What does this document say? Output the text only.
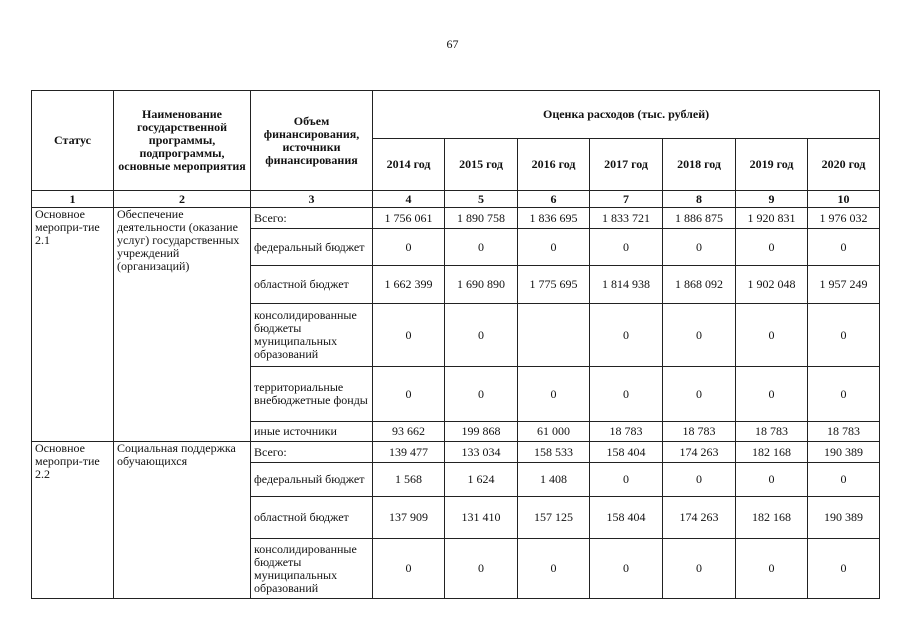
67
Статус	Наименование государственной программы, подпрограммы, основные мероприятия	Объем финансирования, источники финансирования	Оценка расходов (тыс. рублей)						
			2014 год	2015 год	2016 год	2017 год	2018 год	2019 год	2020 год
1	2	3	4	5	6	7	8	9	10
Основное меропри-тие 2.1	Обеспечение деятельности (оказание услуг) государственных учреждений (организаций)	Всего:	1 756 061	1 890 758	1 836 695	1 833 721	1 886 875	1 920 831	1 976 032
		федеральный бюджет	0	0	0	0	0	0	0
		областной бюджет	1 662 399	1 690 890	1 775 695	1 814 938	1 868 092	1 902 048	1 957 249
		консолидированные бюджеты муниципальных образований	0	0		0	0	0	0
		территориальные внебюджетные фонды	0	0	0	0	0	0	0
		иные источники	93 662	199 868	61 000	18 783	18 783	18 783	18 783
Основное меропри-тие 2.2	Социальная поддержка обучающихся	Всего:	139 477	133 034	158 533	158 404	174 263	182 168	190 389
		федеральный бюджет	1 568	1 624	1 408	0	0	0	0
		областной бюджет	137 909	131 410	157 125	158 404	174 263	182 168	190 389
		консолидированные бюджеты муниципальных образований	0	0	0	0	0	0	0
